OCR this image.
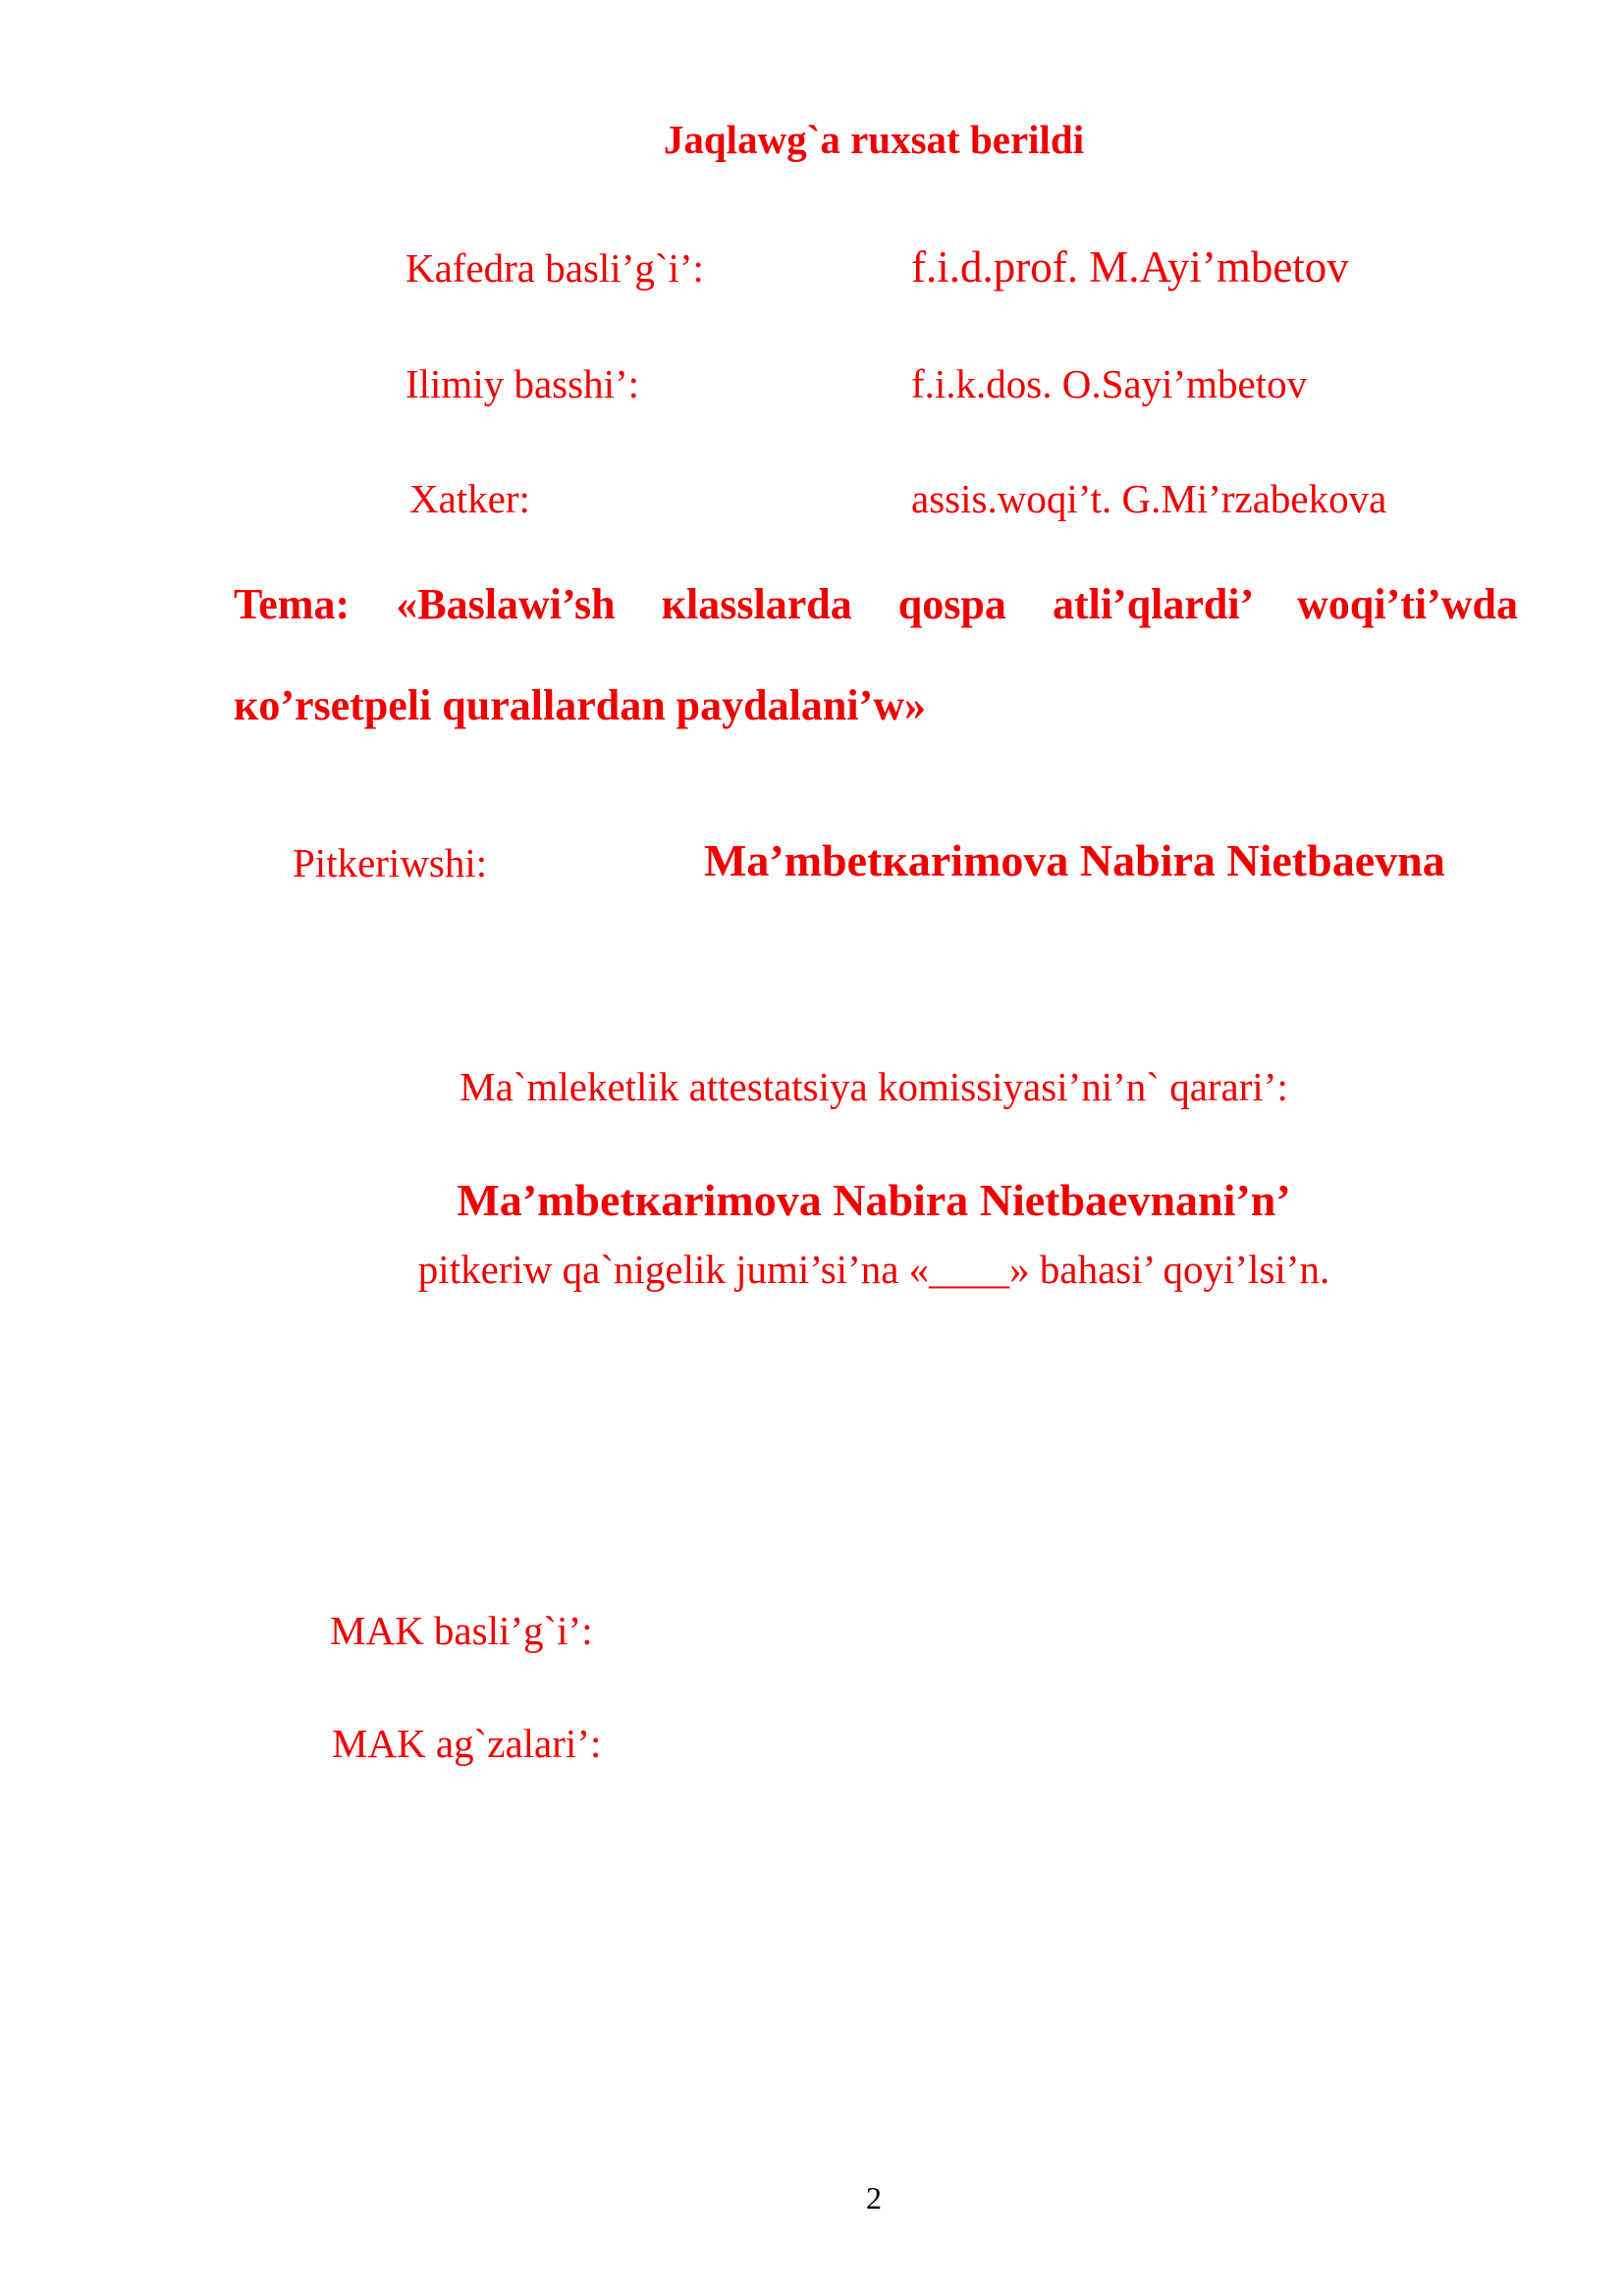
Jaqlawg`a ruxsat berildi
Kafedra basli’g`i’:	f.i.d.prof. M.Ayi’mbetov
Ilimiy basshi’:	f.i.k.dos. O.Sayi’mbetov
Xatker:	assis.woqi’t. G.Mi’rzabekova
Tema: «Baslawi’sh кlasslarda qospa atli’qlardi’ woqi’ti’wda
кo’rsetpeli qurallardan paydalani’w»
Pitkeriwshi:	Ma’mbetкarimova Nabira Nietbaevna
Ma`mleketlik attestatsiya komissiyasi’ni’n` qarari’:
Ma’mbetкarimova Nabira Nietbaevnani’n’
pitkeriw qa`nigelik jumi’si’na «____» bahasi’ qoyi’lsi’n.
MAK basli’g`i’:
MAK ag`zalari’:
2
